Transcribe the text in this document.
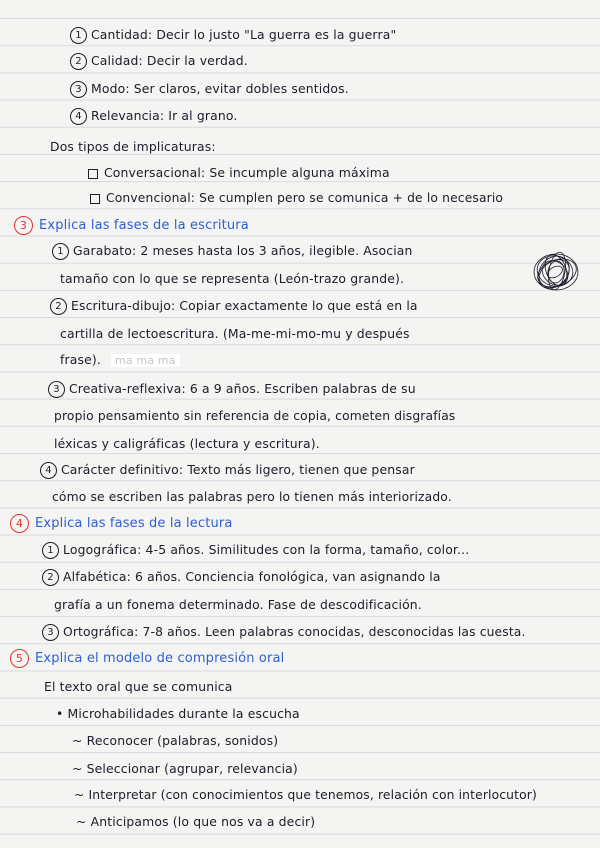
1 Cantidad: Decir lo justo "La guerra es la guerra"
2 Calidad: Decir la verdad.
3 Modo: Ser claros, evitar dobles sentidos.
4 Relevancia: Ir al grano.
Dos tipos de implicaturas:
Conversacional: Se incumple alguna máxima
Convencional: Se cumplen pero se comunica + de lo necesario
3 Explica las fases de la escritura
1 Garabato: 2 meses hasta los 3 años, ilegible. Asocian
tamaño con lo que se representa (León-trazo grande).
2 Escritura-dibujo: Copiar exactamente lo que está en la
cartilla de lectoescritura. (Ma-me-mi-mo-mu y después
frase). ma ma ma
3 Creativa-reflexiva: 6 a 9 años. Escriben palabras de su
propio pensamiento sin referencia de copia, cometen disgrafías
léxicas y caligráficas (lectura y escritura).
4 Carácter definitivo: Texto más ligero, tienen que pensar
cómo se escriben las palabras pero lo tienen más interiorizado.
4 Explica las fases de la lectura
1 Logográfica: 4-5 años. Similitudes con la forma, tamaño, color...
2 Alfabética: 6 años. Conciencia fonológica, van asignando la
grafía a un fonema determinado. Fase de descodificación.
3 Ortográfica: 7-8 años. Leen palabras conocidas, desconocidas las cuesta.
5 Explica el modelo de compresión oral
El texto oral que se comunica
• Microhabilidades durante la escucha
~ Reconocer (palabras, sonidos)
~ Seleccionar (agrupar, relevancia)
~ Interpretar (con conocimientos que tenemos, relación con interlocutor)
~ Anticipamos (lo que nos va a decir)
